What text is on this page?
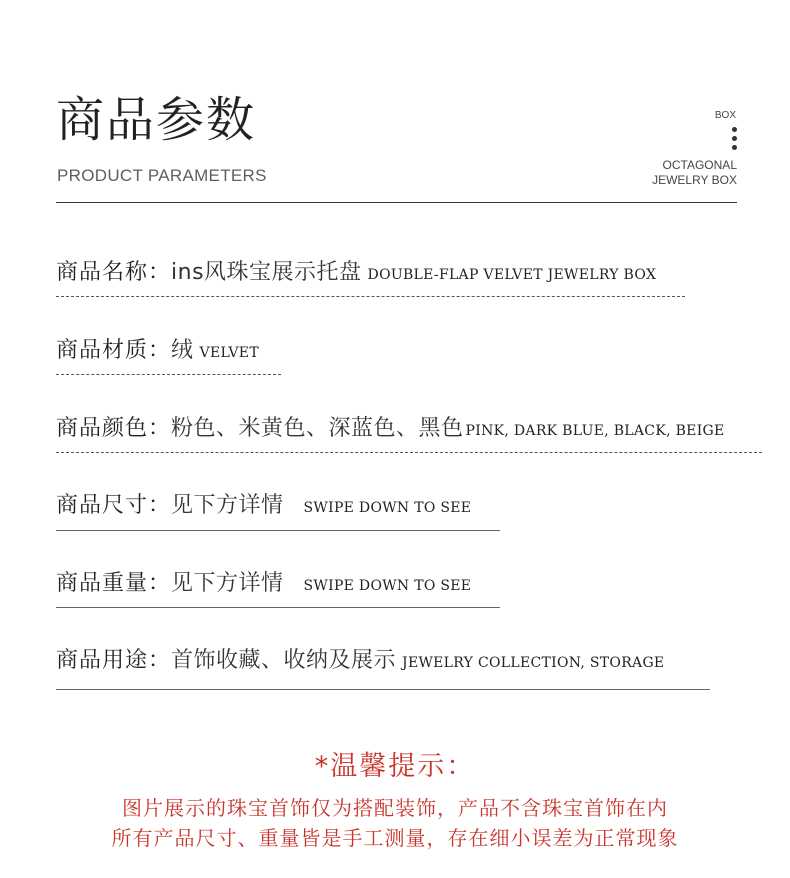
商品参数
PRODUCT PARAMETERS
BOX
OCTAGONAL
JEWELRY BOX
商品名称：ins风珠宝展示托盘 DOUBLE-FLAP VELVET JEWELRY BOX
商品材质：绒 VELVET
商品颜色：粉色、米黄色、深蓝色、黑色 PINK, DARK BLUE, BLACK, BEIGE
商品尺寸：见下方详情 SWIPE DOWN TO SEE
商品重量：见下方详情 SWIPE DOWN TO SEE
商品用途：首饰收藏、收纳及展示 JEWELRY COLLECTION, STORAGE
*温馨提示：
图片展示的珠宝首饰仅为搭配装饰，产品不含珠宝首饰在内
所有产品尺寸、重量皆是手工测量，存在细小误差为正常现象
